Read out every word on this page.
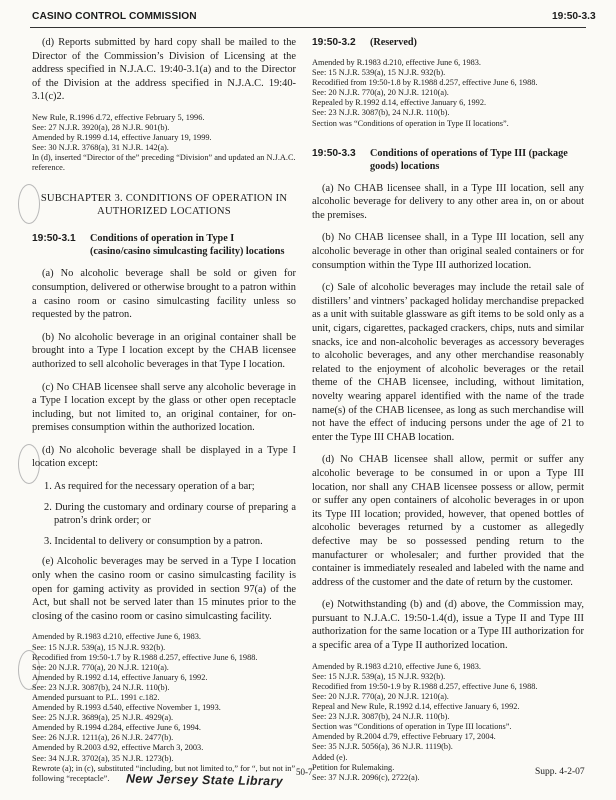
CASINO CONTROL COMMISSION	19:50-3.3

(d) Reports submitted by hard copy shall be mailed to the Director of the Commission’s Division of Licensing at the address specified in N.J.A.C. 19:40-3.1(a) and to the Director of the Division at the address specified in N.J.A.C. 19:40-3.1(c)2.

New Rule, R.1996 d.72, effective February 5, 1996.

See: 27 N.J.R. 3920(a), 28 N.J.R. 901(b).

Amended by R.1999 d.14, effective January 19, 1999.

See: 30 N.J.R. 3768(a), 31 N.J.R. 142(a).

In (d), inserted “Director of the” preceding “Division” and updated an N.J.A.C. reference.

SUBCHAPTER 3. CONDITIONS OF OPERATION IN AUTHORIZED LOCATIONS

19:50-3.1	Conditions of operation in Type I (casino/casino simulcasting facility) locations

(a) No alcoholic beverage shall be sold or given for consumption, delivered or otherwise brought to a patron within a casino room or casino simulcasting facility unless so requested by the patron.

(b) No alcoholic beverage in an original container shall be brought into a Type I location except by the CHAB licensee authorized to sell alcoholic beverages in that Type I location.

(c) No CHAB licensee shall serve any alcoholic beverage in a Type I location except by the glass or other open receptacle including, but not limited to, an original container, for on-premises consumption within the authorized location.

(d) No alcoholic beverage shall be displayed in a Type I location except:

1. As required for the necessary operation of a bar;

2. During the customary and ordinary course of preparing a patron’s drink order; or

3. Incidental to delivery or consumption by a patron.

(e) Alcoholic beverages may be served in a Type I location only when the casino room or casino simulcasting facility is open for gaming activity as provided in section 97(a) of the Act, but shall not be served later than 15 minutes prior to the closing of the casino room or casino simulcasting facility.

Amended by R.1983 d.210, effective June 6, 1983.

See: 15 N.J.R. 539(a), 15 N.J.R. 932(b).

Recodified from 19:50-1.7 by R.1988 d.257, effective June 6, 1988.

See: 20 N.J.R. 770(a), 20 N.J.R. 1210(a).

Amended by R.1992 d.14, effective January 6, 1992.

See: 23 N.J.R. 3087(b), 24 N.J.R. 110(b).

Amended pursuant to P.L. 1991 c.182.

Amended by R.1993 d.540, effective November 1, 1993.

See: 25 N.J.R. 3689(a), 25 N.J.R. 4929(a).

Amended by R.1994 d.284, effective June 6, 1994.

See: 26 N.J.R. 1211(a), 26 N.J.R. 2477(b).

Amended by R.2003 d.92, effective March 3, 2003.

See: 34 N.J.R. 3702(a), 35 N.J.R. 1273(b).

Rewrote (a); in (c), substituted “including, but not limited to,” for “, but not in” following “receptacle”.

19:50-3.2	(Reserved)

Amended by R.1983 d.210, effective June 6, 1983.

See: 15 N.J.R. 539(a), 15 N.J.R. 932(b).

Recodified from 19:50-1.8 by R.1988 d.257, effective June 6, 1988.

See: 20 N.J.R. 770(a), 20 N.J.R. 1210(a).

Repealed by R.1992 d.14, effective January 6, 1992.

See: 23 N.J.R. 3087(b), 24 N.J.R. 110(b).

Section was “Conditions of operation in Type II locations”.

19:50-3.3	Conditions of operations of Type III (package goods) locations

(a) No CHAB licensee shall, in a Type III location, sell any alcoholic beverage for delivery to any other area in, on or about the premises.

(b) No CHAB licensee shall, in a Type III location, sell any alcoholic beverage in other than original sealed containers or for consumption within the Type III authorized location.

(c) Sale of alcoholic beverages may include the retail sale of distillers’ and vintners’ packaged holiday merchandise prepacked as a unit with suitable glassware as gift items to be sold only as a unit, cigars, cigarettes, packaged crackers, chips, nuts and similar snacks, ice and non-alcoholic beverages as accessory beverages to alcoholic beverages, and any other merchandise reasonably related to the enjoyment of alcoholic beverages or the retail theme of the CHAB licensee, including, without limitation, novelty wearing apparel identified with the name of the trade name(s) of the CHAB licensee, as long as such merchandise will not have the effect of inducing persons under the age of 21 to enter the Type III CHAB location.

(d) No CHAB licensee shall allow, permit or suffer any alcoholic beverage to be consumed in or upon a Type III location, nor shall any CHAB licensee possess or allow, permit or suffer any open containers of alcoholic beverages in or upon its Type III location; provided, however, that opened bottles of alcoholic beverages returned by a customer as allegedly defective may be so possessed pending return to the manufacturer or wholesaler; and further provided that the container is immediately resealed and labeled with the name and address of the customer and the date of return by the customer.

(e) Notwithstanding (b) and (d) above, the Commission may, pursuant to N.J.A.C. 19:50-1.4(d), issue a Type II and Type III authorization for the same location or a Type III authorization for a specific area of a Type II authorized location.

Amended by R.1983 d.210, effective June 6, 1983.

See: 15 N.J.R. 539(a), 15 N.J.R. 932(b).

Recodified from 19:50-1.9 by R.1988 d.257, effective June 6, 1988.

See: 20 N.J.R. 770(a), 20 N.J.R. 1210(a).

Repeal and New Rule, R.1992 d.14, effective January 6, 1992.

See: 23 N.J.R. 3087(b), 24 N.J.R. 110(b).

Section was “Conditions of operation in Type III locations”.

Amended by R.2004 d.79, effective February 17, 2004.

See: 35 N.J.R. 5056(a), 36 N.J.R. 1119(b).

Added (e).

Petition for Rulemaking.

See: 37 N.J.R. 2096(c), 2722(a).

50-7	Supp. 4-2-07
New Jersey State Library
